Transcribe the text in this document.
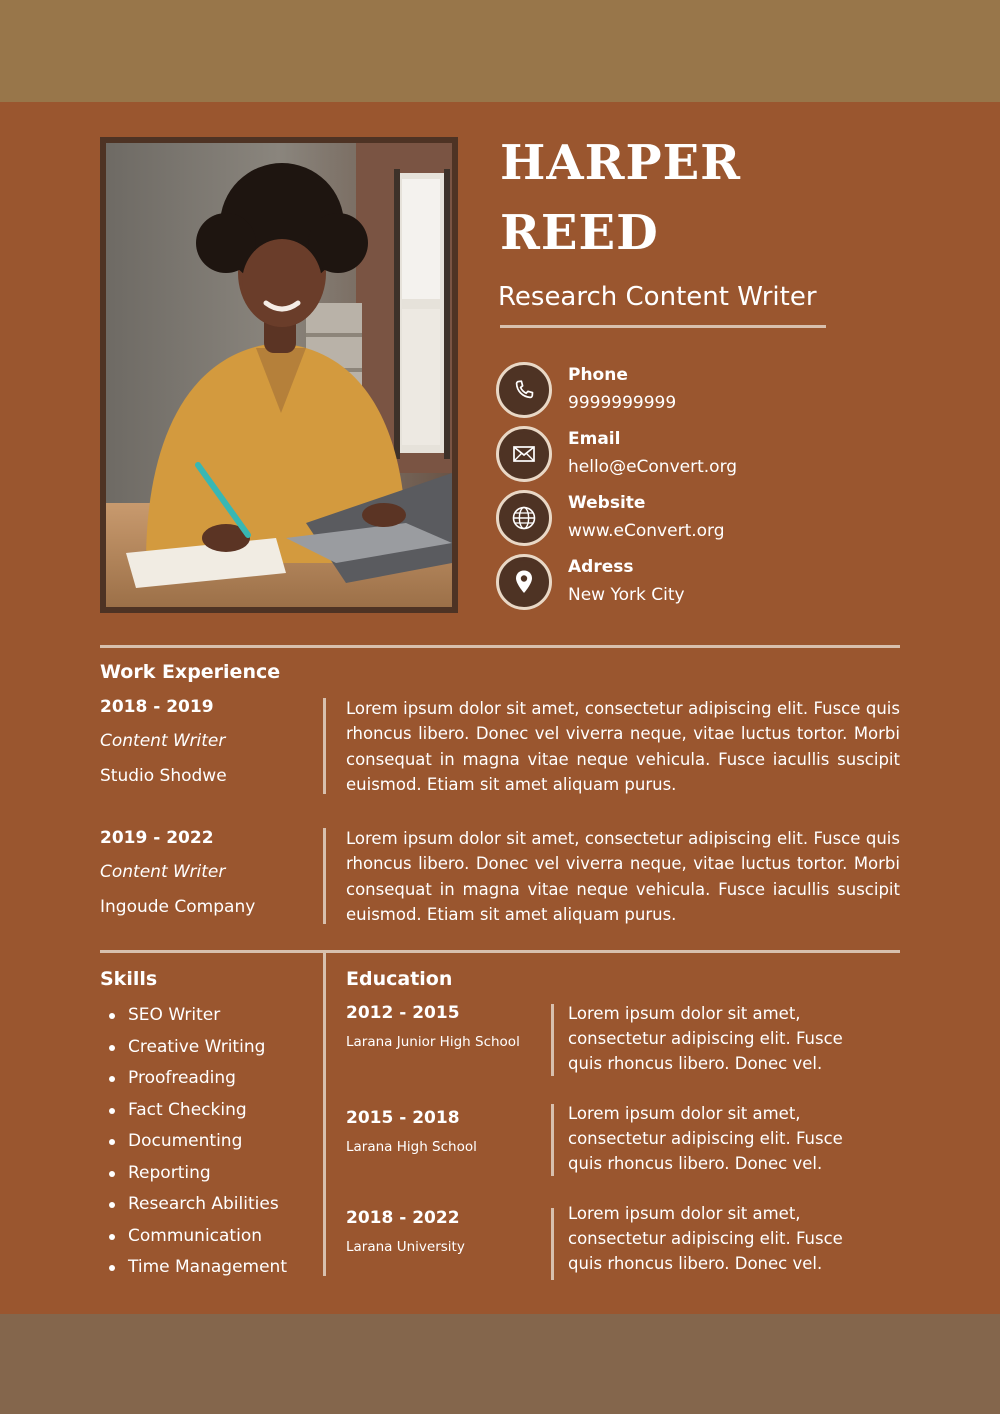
HARPER
REED

Research Content Writer

Phone
9999999999
Email
hello@eConvert.org
Website
www.eConvert.org
Adress
New York City
Work Experience
2018 - 2019
Content Writer
Studio Shodwe

Lorem ipsum dolor sit amet, consectetur adipiscing elit. Fusce quis rhoncus libero. Donec vel viverra neque, vitae luctus tortor. Morbi consequat in magna vitae neque vehicula. Fusce iacullis suscipit euismod. Etiam sit amet aliquam purus.

2019 - 2022
Content Writer
Ingoude Company

Lorem ipsum dolor sit amet, consectetur adipiscing elit. Fusce quis rhoncus libero. Donec vel viverra neque, vitae luctus tortor. Morbi consequat in magna vitae neque vehicula. Fusce iacullis suscipit euismod. Etiam sit amet aliquam purus.

Skills
SEO Writer
Creative Writing
Proofreading
Fact Checking
Documenting
Reporting
Research Abilities
Communication
Time Management
Education
2012 - 2015
Larana Junior High School

Lorem ipsum dolor sit amet, consectetur adipiscing elit. Fusce quis rhoncus libero. Donec vel.

2015 - 2018
Larana High School

Lorem ipsum dolor sit amet, consectetur adipiscing elit. Fusce quis rhoncus libero. Donec vel.

2018 - 2022
Larana University

Lorem ipsum dolor sit amet, consectetur adipiscing elit. Fusce quis rhoncus libero. Donec vel.
